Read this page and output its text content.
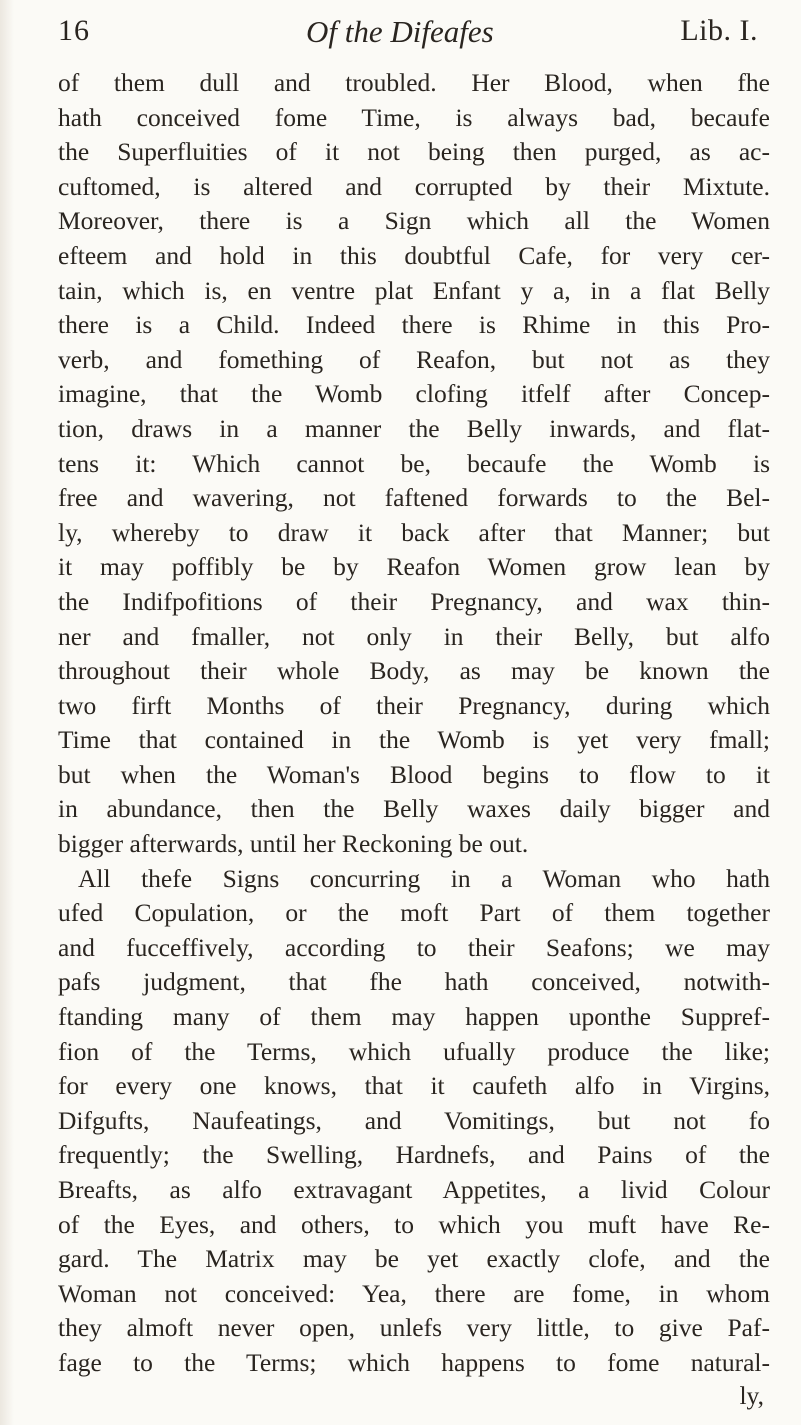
16	Of the Difeafes	Lib. I.
of them dull and troubled. Her Blood, when fhe
hath conceived fome Time, is always bad, becaufe
the Superfluities of it not being then purged, as ac-
cuftomed, is altered and corrupted by their Mixtute.
Moreover, there is a Sign which all the Women
efteem and hold in this doubtful Cafe, for very cer-
tain, which is, en ventre plat Enfant y a, in a flat Belly
there is a Child. Indeed there is Rhime in this Pro-
verb, and fomething of Reafon, but not as they
imagine, that the Womb clofing itfelf after Concep-
tion, draws in a manner the Belly inwards, and flat-
tens it: Which cannot be, becaufe the Womb is
free and wavering, not faftened forwards to the Bel-
ly, whereby to draw it back after that Manner; but
it may poffibly be by Reafon Women grow lean by
the Indifpofitions of their Pregnancy, and wax thin-
ner and fmaller, not only in their Belly, but alfo
throughout their whole Body, as may be known the
two firft Months of their Pregnancy, during which
Time that contained in the Womb is yet very fmall;
but when the Woman's Blood begins to flow to it
in abundance, then the Belly waxes daily bigger and
bigger afterwards, until her Reckoning be out.
All thefe Signs concurring in a Woman who hath
ufed Copulation, or the moft Part of them together
and fucceffively, according to their Seafons; we may
pafs judgment, that fhe hath conceived, notwith-
ftanding many of them may happen uponthe Suppref-
fion of the Terms, which ufually produce the like;
for every one knows, that it caufeth alfo in Virgins,
Difgufts, Naufeatings, and Vomitings, but not fo
frequently; the Swelling, Hardnefs, and Pains of the
Breafts, as alfo extravagant Appetites, a livid Colour
of the Eyes, and others, to which you muft have Re-
gard. The Matrix may be yet exactly clofe, and the
Woman not conceived: Yea, there are fome, in whom
they almoft never open, unlefs very little, to give Paf-
fage to the Terms; which happens to fome natural-
ly,
